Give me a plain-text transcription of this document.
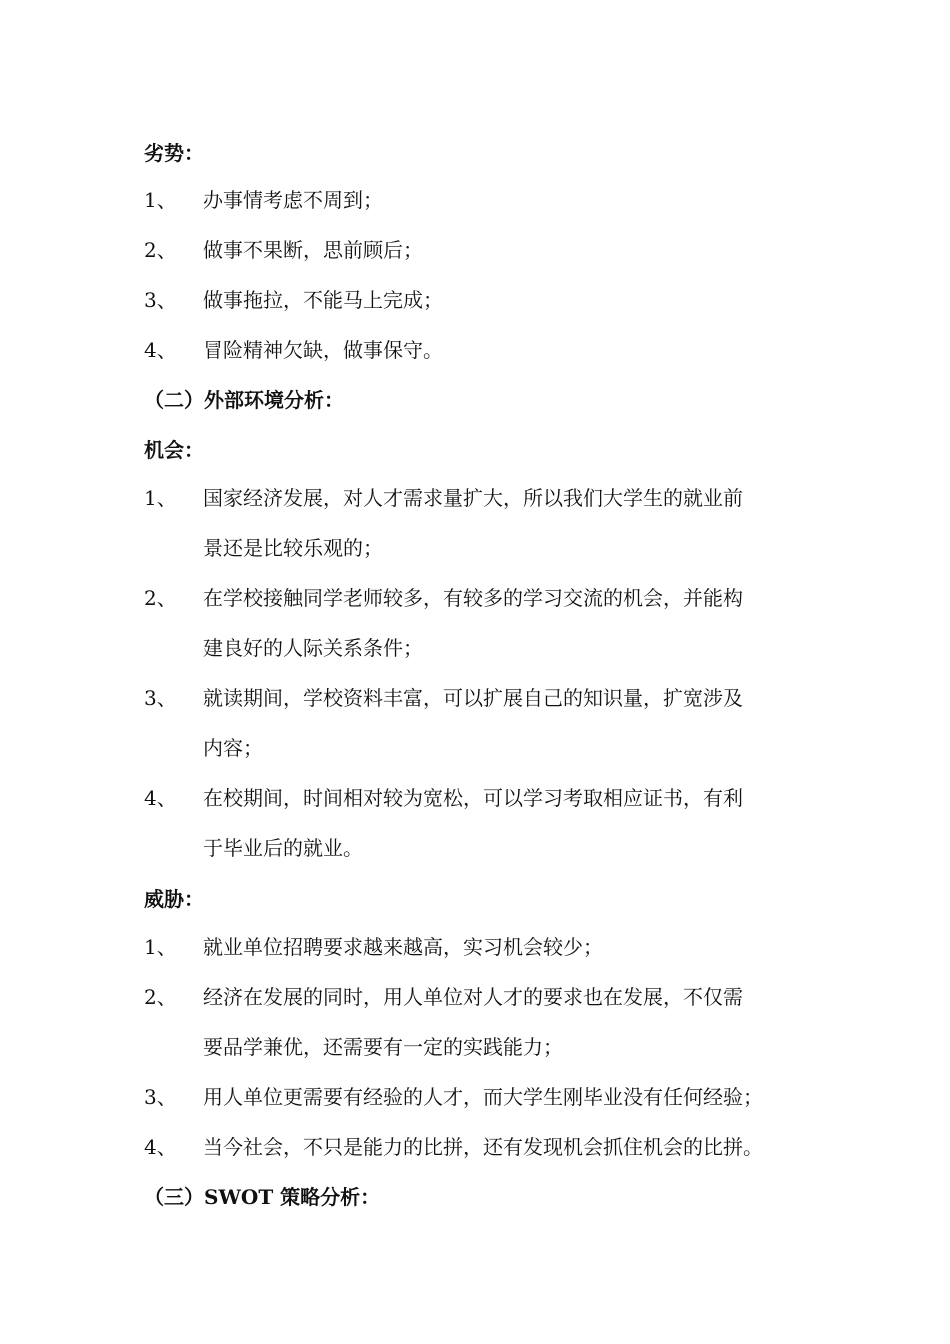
劣势：
1、 办事情考虑不周到；
2、 做事不果断，思前顾后；
3、 做事拖拉，不能马上完成；
4、 冒险精神欠缺，做事保守。
（二）外部环境分析：
机会：
1、 国家经济发展，对人才需求量扩大，所以我们大学生的就业前
景还是比较乐观的；
2、 在学校接触同学老师较多，有较多的学习交流的机会，并能构
建良好的人际关系条件；
3、 就读期间，学校资料丰富，可以扩展自己的知识量，扩宽涉及
内容；
4、 在校期间，时间相对较为宽松，可以学习考取相应证书，有利
于毕业后的就业。
威胁：
1、 就业单位招聘要求越来越高，实习机会较少；
2、 经济在发展的同时，用人单位对人才的要求也在发展，不仅需
要品学兼优，还需要有一定的实践能力；
3、 用人单位更需要有经验的人才，而大学生刚毕业没有任何经验；
4、 当今社会，不只是能力的比拼，还有发现机会抓住机会的比拼。
（三）SWOT 策略分析：
